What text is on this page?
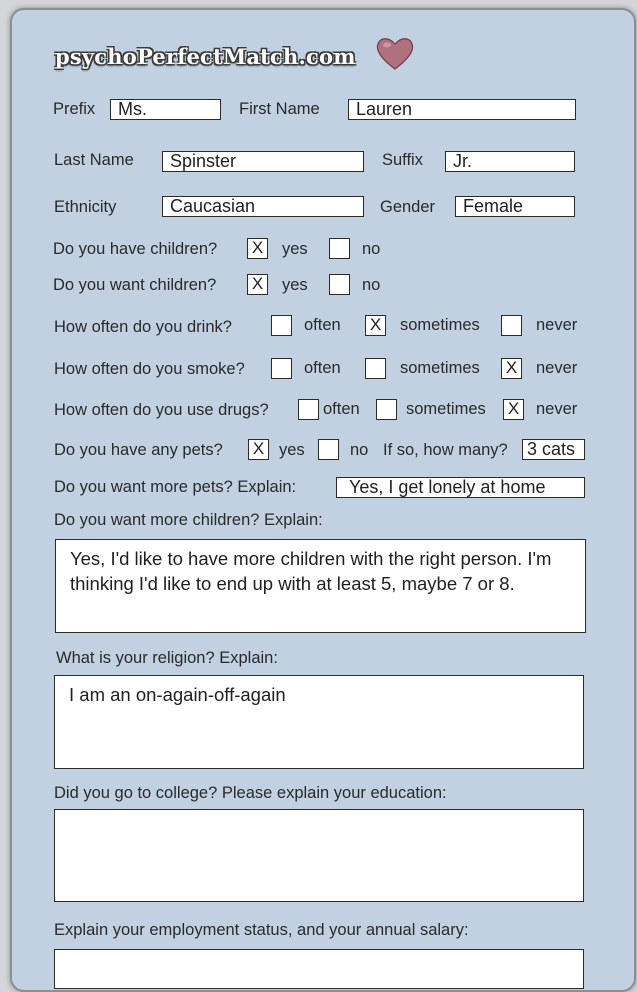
psychoPerfectMatch.com
Prefix	Ms.	First Name	Lauren
Last Name	Spinster	Suffix	Jr.
Ethnicity	Caucasian	Gender	Female
Do you have children? X yes	no
Do you want children? X yes	no
How often do you drink?	often X sometimes	never
How often do you smoke?	often	sometimes X never
How often do you use drugs?	often	sometimes X never
Do you have any pets? X yes	no If so, how many? 3 cats
Do you want more pets? Explain:	Yes, I get lonely at home
Do you want more children? Explain:
Yes, I'd like to have more children with the right person. I'm thinking I'd like to end up with at least 5, maybe 7 or 8.
What is your religion? Explain:
I am an on-again-off-again
Did you go to college? Please explain your education:
Explain your employment status, and your annual salary:
